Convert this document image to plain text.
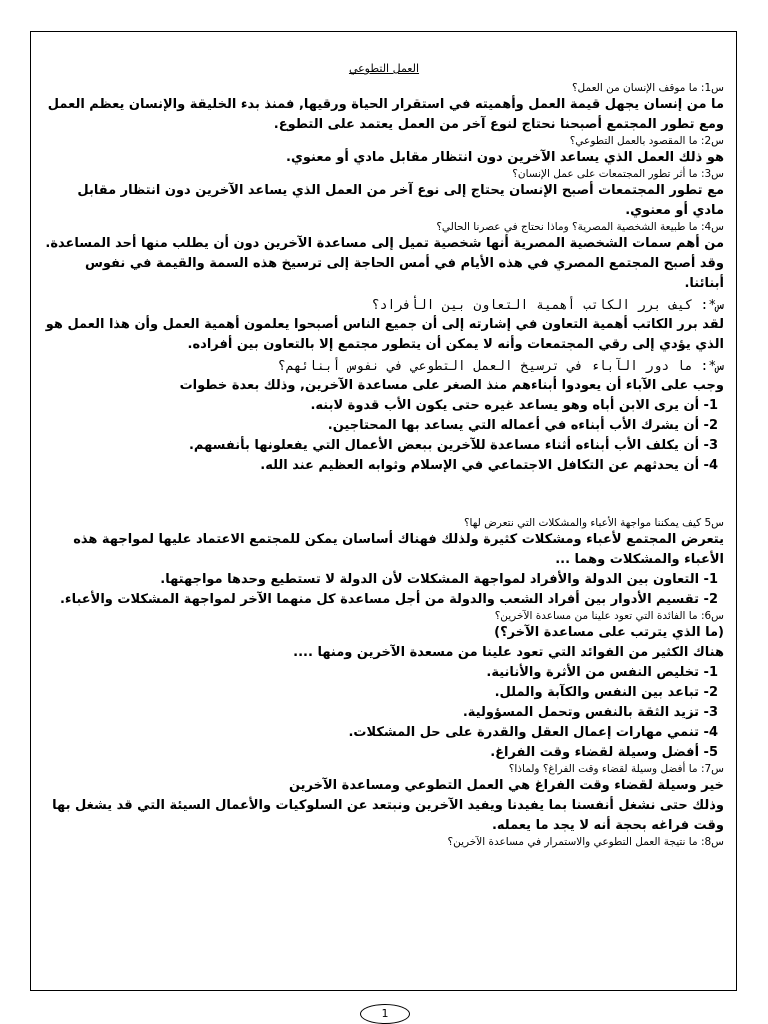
العمل التطوعي

س1: ما موقف الإنسان من العمل؟

ما من إنسان يجهل قيمة العمل وأهميته في استقرار الحياة ورقيها, فمنذ بدء الخليقة والإنسان يعظم العمل ومع تطور المجتمع أصبحنا نحتاج لنوع آخر من العمل يعتمد على التطوع.

س2: ما المقصود بالعمل التطوعي؟

هو ذلك العمل الذي يساعد الآخرين دون انتظار مقابل مادي أو معنوي.

س3: ما أثر تطور المجتمعات على عمل الإنسان؟

مع تطور المجتمعات أصبح الإنسان يحتاج إلى نوع آخر من العمل الذي يساعد الآخرين دون انتظار مقابل مادي أو معنوي.

س4: ما طبيعة الشخصية المصرية؟ وماذا نحتاج في عصرنا الحالي؟

من أهم سمات الشخصية المصرية أنها شخصية تميل إلى مساعدة الآخرين دون أن يطلب منها أحد المساعدة.

وقد أصبح المجتمع المصري في هذه الأيام في أمس الحاجة إلى ترسيخ هذه السمة والقيمة في نفوس أبنائنا.

س*: كيف برر الكاتب أهمية التعاون بين الأفراد؟

لقد برر الكاتب أهمية التعاون في إشارته إلى أن جميع الناس أصبحوا يعلمون أهمية العمل وأن هذا العمل هو الذي يؤدي إلى رقي المجتمعات وأنه لا يمكن أن يتطور مجتمع إلا بالتعاون بين أفراده.

س*: ما دور الآباء في ترسيخ العمل التطوعي في نفوس أبنائهم؟

وجب على الآباء أن يعودوا أبناءهم منذ الصغر على مساعدة الآخرين, وذلك بعدة خطوات

1- أن يرى الابن أباه وهو يساعد غيره حتى يكون الأب قدوة لابنه.

2- أن يشرك الأب أبناءه في أعماله التي يساعد بها المحتاجين.

3- أن يكلف الأب أبناءه أثناء مساعدة للآخرين ببعض الأعمال التي يفعلونها بأنفسهم.

4- أن يحدثهم عن التكافل الاجتماعي في الإسلام وثوابه العظيم عند الله.

س5 كيف يمكننا مواجهة الأعباء والمشكلات التي نتعرض لها؟

يتعرض المجتمع لأعباء ومشكلات كثيرة ولذلك فهناك أساسان يمكن للمجتمع الاعتماد عليها لمواجهة هذه الأعباء والمشكلات وهما ...

1- التعاون بين الدولة والأفراد لمواجهة المشكلات لأن الدولة لا تستطيع وحدها مواجهتها.

2- تقسيم الأدوار بين أفراد الشعب والدولة من أجل مساعدة كل منهما الآخر لمواجهة المشكلات والأعباء.

س6: ما الفائدة التي تعود علينا من مساعدة الآخرين؟

(ما الذي يترتب على مساعدة الآخر؟)

هناك الكثير من الفوائد التي تعود علينا من مسعدة الآخرين ومنها ....

1- تخليص النفس من الأثرة والأنانية.

2- تباعد بين النفس والكآبة والملل.

3- تزيد الثقة بالنفس وتحمل المسؤولية.

4- تنمي مهارات إعمال العقل والقدرة على حل المشكلات.

5- أفضل وسيلة لقضاء وقت الفراغ.

س7: ما أفضل وسيلة لقضاء وقت الفراغ؟ ولماذا؟

خير وسيلة لقضاء وقت الفراغ هي العمل التطوعي ومساعدة الآخرين

وذلك حتى نشغل أنفسنا بما يفيدنا ويفيد الآخرين ونبتعد عن السلوكيات والأعمال السيئة التي قد يشغل بها وقت فراغه بحجة أنه لا يجد ما يعمله.

س8: ما نتيجة العمل التطوعي والاستمرار في مساعدة الآخرين؟

1
